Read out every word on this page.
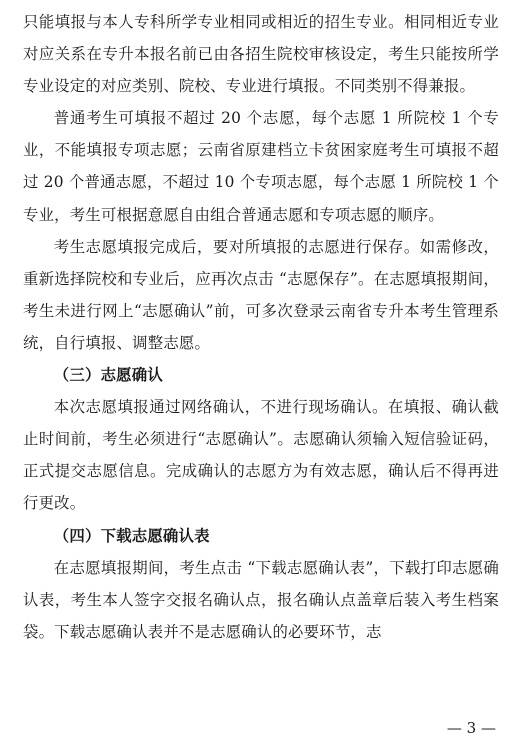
只能填报与本人专科所学专业相同或相近的招生专业。相同相近专业对应关系在专升本报名前已由各招生院校审核设定，考生只能按所学专业设定的对应类别、院校、专业进行填报。不同类别不得兼报。

普通考生可填报不超过 20 个志愿，每个志愿 1 所院校 1 个专业，不能填报专项志愿；云南省原建档立卡贫困家庭考生可填报不超过 20 个普通志愿，不超过 10 个专项志愿，每个志愿 1 所院校 1 个专业，考生可根据意愿自由组合普通志愿和专项志愿的顺序。

考生志愿填报完成后，要对所填报的志愿进行保存。如需修改，重新选择院校和专业后，应再次点击 “志愿保存”。在志愿填报期间，考生未进行网上“志愿确认”前，可多次登录云南省专升本考生管理系统，自行填报、调整志愿。

（三）志愿确认

本次志愿填报通过网络确认，不进行现场确认。在填报、确认截止时间前，考生必须进行“志愿确认”。志愿确认须输入短信验证码，正式提交志愿信息。完成确认的志愿方为有效志愿，确认后不得再进行更改。

（四）下载志愿确认表

在志愿填报期间，考生点击 “下载志愿确认表”，下载打印志愿确认表，考生本人签字交报名确认点，报名确认点盖章后装入考生档案袋。下载志愿确认表并不是志愿确认的必要环节，志

— 3 —
